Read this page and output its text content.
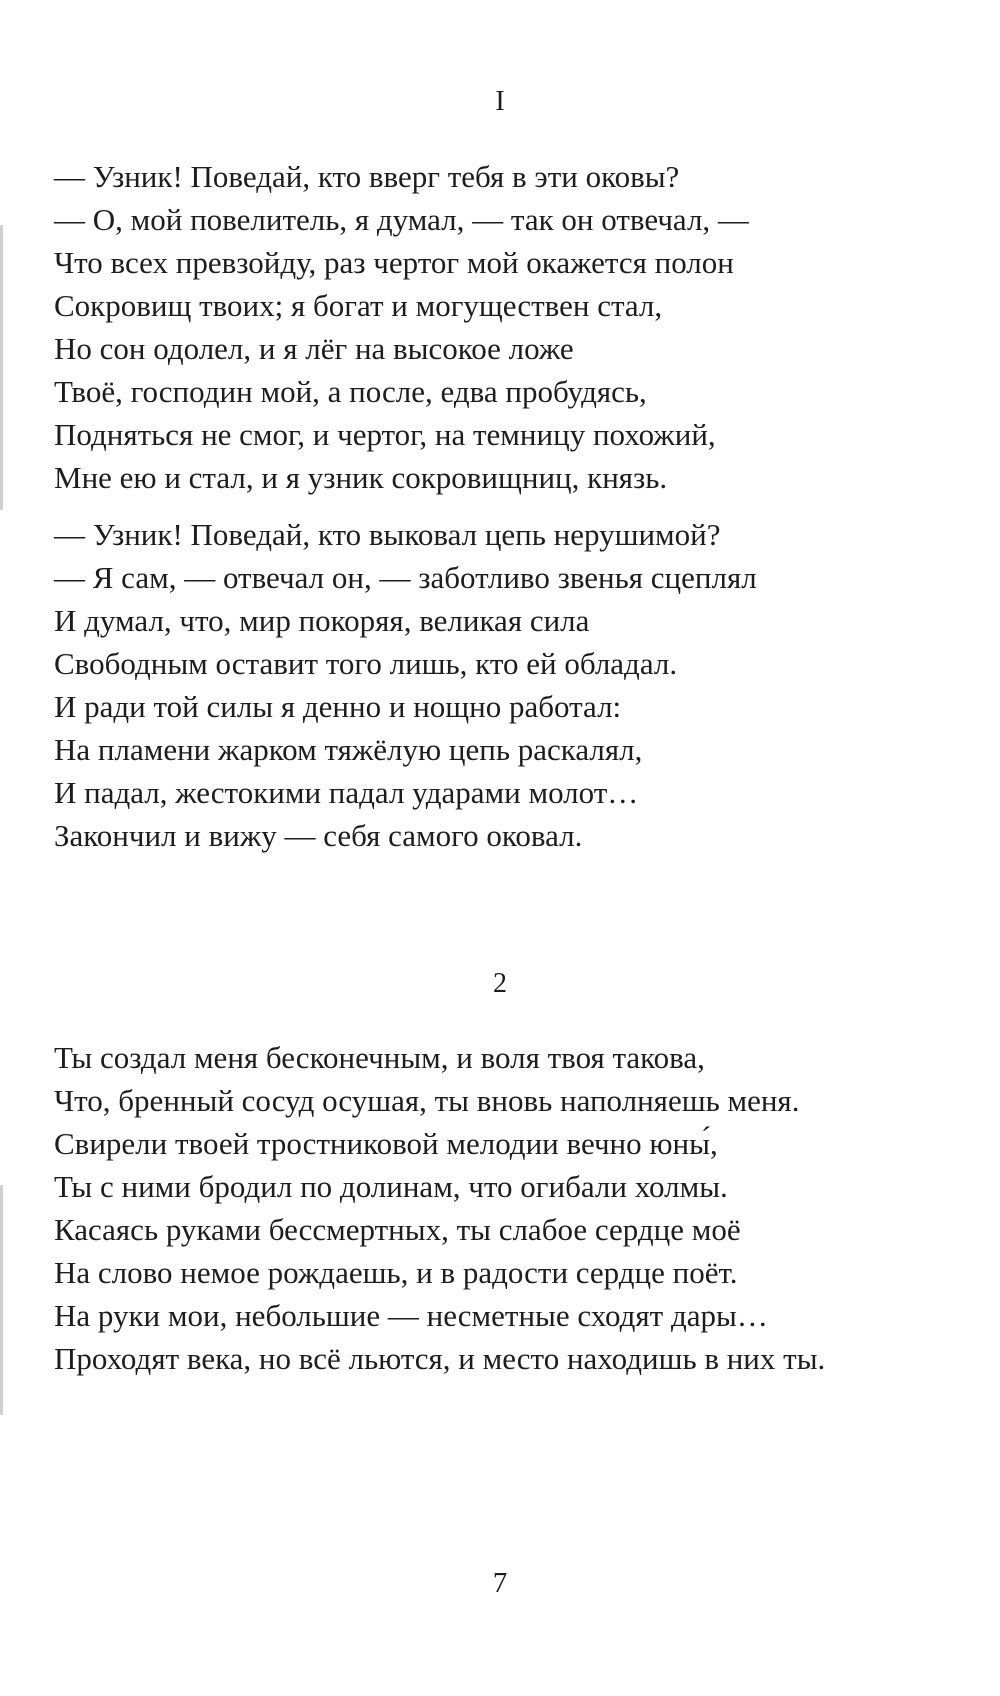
I
— Узник! Поведай, кто вверг тебя в эти оковы?
— О, мой повелитель, я думал, — так он отвечал, —
Что всех превзойду, раз чертог мой окажется полон
Сокровищ твоих; я богат и могуществен стал,
Но сон одолел, и я лёг на высокое ложе
Твоё, господин мой, а после, едва пробудясь,
Подняться не смог, и чертог, на темницу похожий,
Мне ею и стал, и я узник сокровищниц, князь.
— Узник! Поведай, кто выковал цепь нерушимой?
— Я сам, — отвечал он, — заботливо звенья сцеплял
И думал, что, мир покоряя, великая сила
Свободным оставит того лишь, кто ей обладал.
И ради той силы я денно и нощно работал:
На пламени жарком тяжёлую цепь раскалял,
И падал, жестокими падал ударами молот…
Закончил и вижу — себя самого оковал.
2
Ты создал меня бесконечным, и воля твоя такова,
Что, бренный сосуд осушая, ты вновь наполняешь меня.
Свирели твоей тростниковой мелодии вечно юны́,
Ты с ними бродил по долинам, что огибали холмы.
Касаясь руками бессмертных, ты слабое сердце моё
На слово немое рождаешь, и в радости сердце поёт.
На руки мои, небольшие — несметные сходят дары…
Проходят века, но всё льются, и место находишь в них ты.
7
